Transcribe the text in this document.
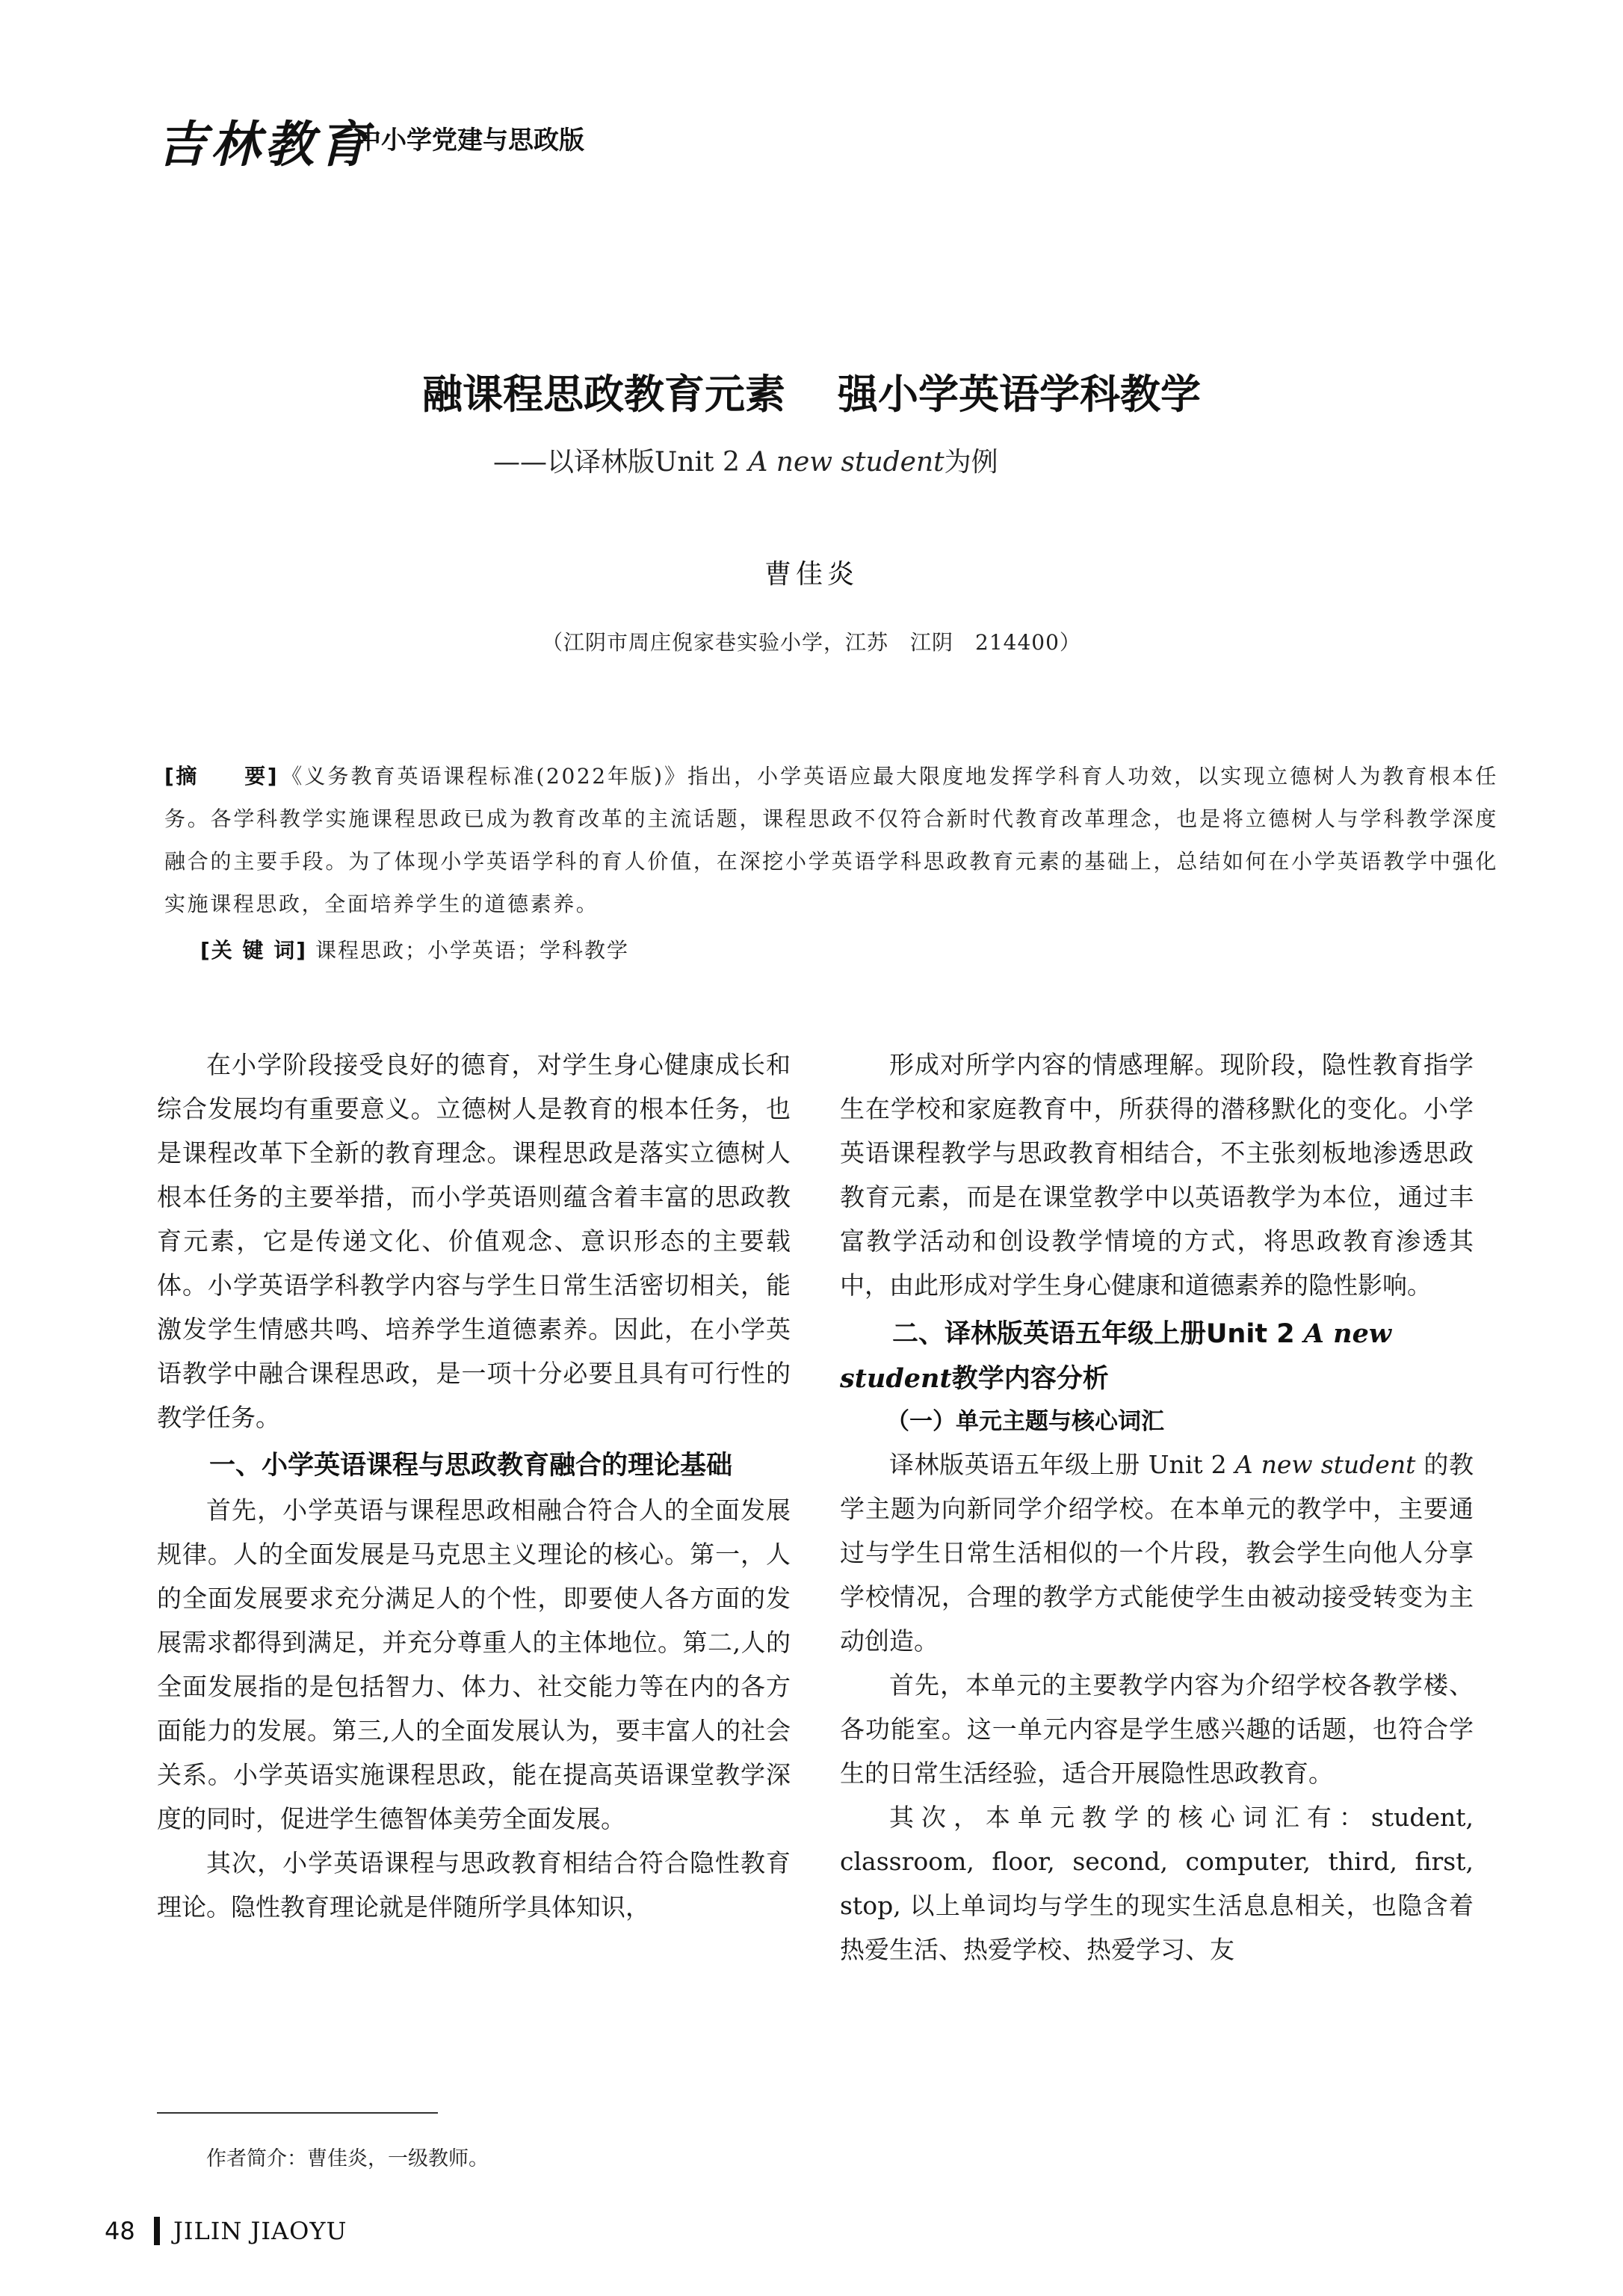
吉林教育
中小学党建与思政版
融课程思政教育元素 强小学英语学科教学
——以译林版Unit 2 A new student为例
曹佳炎
（江阴市周庄倪家巷实验小学，江苏　江阴　214400）
[摘　　要]《义务教育英语课程标准(2022年版)》指出，小学英语应最大限度地发挥学科育人功效，以实现立德树人为教育根本任务。各学科教学实施课程思政已成为教育改革的主流话题，课程思政不仅符合新时代教育改革理念，也是将立德树人与学科教学深度融合的主要手段。为了体现小学英语学科的育人价值，在深挖小学英语学科思政教育元素的基础上，总结如何在小学英语教学中强化实施课程思政，全面培养学生的道德素养。
[关 键 词] 课程思政；小学英语；学科教学

在小学阶段接受良好的德育，对学生身心健康成长和综合发展均有重要意义。立德树人是教育的根本任务，也是课程改革下全新的教育理念。课程思政是落实立德树人根本任务的主要举措，而小学英语则蕴含着丰富的思政教育元素，它是传递文化、价值观念、意识形态的主要载体。小学英语学科教学内容与学生日常生活密切相关，能激发学生情感共鸣、培养学生道德素养。因此，在小学英语教学中融合课程思政，是一项十分必要且具有可行性的教学任务。

一、小学英语课程与思政教育融合的理论基础

首先，小学英语与课程思政相融合符合人的全面发展规律。人的全面发展是马克思主义理论的核心。第一，人的全面发展要求充分满足人的个性，即要使人各方面的发展需求都得到满足，并充分尊重人的主体地位。第二,人的全面发展指的是包括智力、体力、社交能力等在内的各方面能力的发展。第三,人的全面发展认为，要丰富人的社会关系。小学英语实施课程思政，能在提高英语课堂教学深度的同时，促进学生德智体美劳全面发展。

其次，小学英语课程与思政教育相结合符合隐性教育理论。隐性教育理论就是伴随所学具体知识，

形成对所学内容的情感理解。现阶段，隐性教育指学生在学校和家庭教育中，所获得的潜移默化的变化。小学英语课程教学与思政教育相结合，不主张刻板地渗透思政教育元素，而是在课堂教学中以英语教学为本位，通过丰富教学活动和创设教学情境的方式，将思政教育渗透其中，由此形成对学生身心健康和道德素养的隐性影响。

二、译林版英语五年级上册Unit 2 A new student教学内容分析
（一）单元主题与核心词汇

译林版英语五年级上册 Unit 2 A new student 的教学主题为向新同学介绍学校。在本单元的教学中，主要通过与学生日常生活相似的一个片段，教会学生向他人分享学校情况，合理的教学方式能使学生由被动接受转变为主动创造。

首先，本单元的主要教学内容为介绍学校各教学楼、各功能室。这一单元内容是学生感兴趣的话题，也符合学生的日常生活经验，适合开展隐性思政教育。

其次，本单元教学的核心词汇有：student, classroom, floor, second, computer, third, first, stop, 以上单词均与学生的现实生活息息相关，也隐含着热爱生活、热爱学校、热爱学习、友

作者简介：曹佳炎，一级教师。
48 JILIN JIAOYU
